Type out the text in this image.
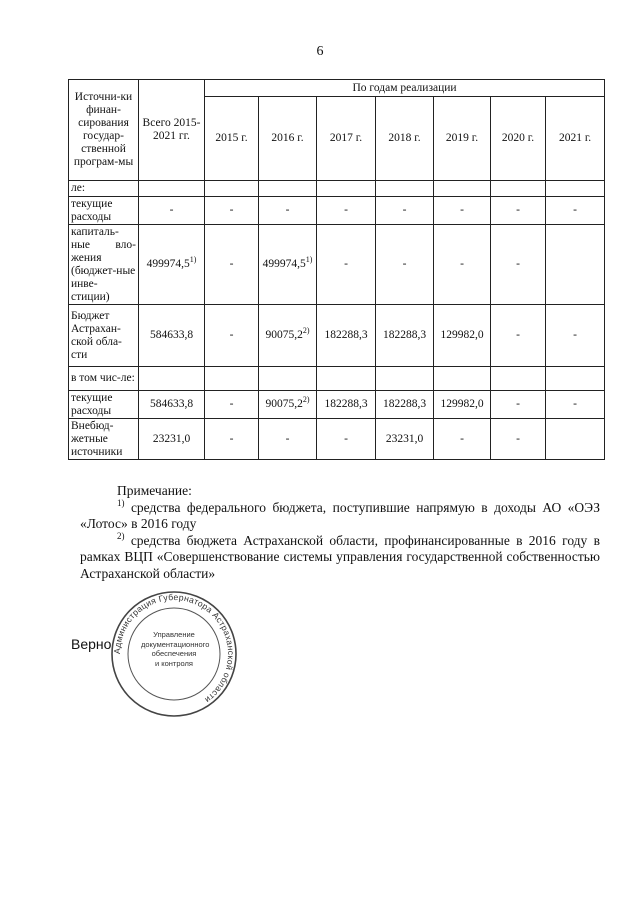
6
Источни-ки финан-сирования государ-ственной програм-мы	Всего 2015-2021 гг.	По годам реализации						
		2015 г.	2016 г.	2017 г.	2018 г.	2019 г.	2020 г.	2021 г.
ле:								
текущие расходы	-	-	-	-	-	-	-	-
капиталь-ные вло-жения (бюджет-ные инве-стиции)	499974,5$^{1)}$	-	499974,5$^{1)}$	-	-	-	-	
Бюджет Астрахан-ской обла-сти	584633,8	-	90075,2$^{2)}$	182288,3	182288,3	129982,0	-	-
в том чис-ле:								
текущие расходы	584633,8	-	90075,2$^{2)}$	182288,3	182288,3	129982,0	-	-
Внебюд-жетные источники	23231,0	-	-	-	23231,0	-	-	

Примечание:

$^{1)}$ средства федерального бюджета, поступившие напрямую в доходы АО «ОЭЗ «Лотос» в 2016 году

$^{2)}$ средства бюджета Астраханской области, профинансированные в 2016 году в рамках ВЦП «Совершенствование системы управления государственной собственностью Астраханской области»

Верно Администрация Губернатора Астраханской области
Управление
документационного
обеспечения
и контроля
